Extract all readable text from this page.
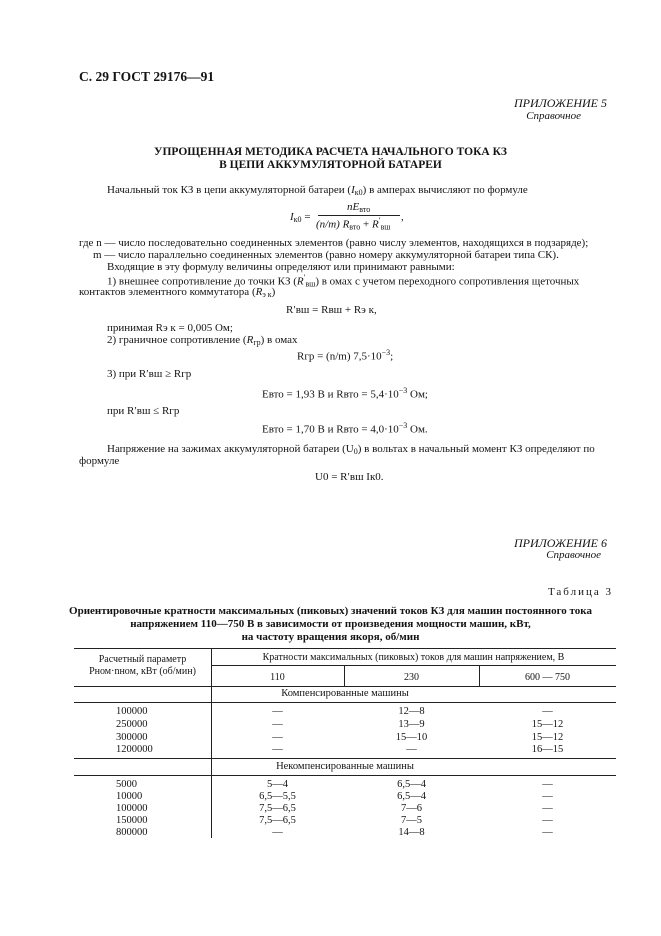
С. 29 ГОСТ 29176—91
ПРИЛОЖЕНИЕ 5
Справочное
УПРОЩЕННАЯ МЕТОДИКА РАСЧЕТА НАЧАЛЬНОГО ТОКА КЗ
В ЦЕПИ АККУМУЛЯТОРНОЙ БАТАРЕИ
Начальный ток КЗ в цепи аккумуляторной батареи $(I_{к0})$ в амперах вычисляют по формуле
$I_{к0}$ =
$nE_{вто}$
(n/m) $R_{вто} + R'_{вш}$
,
где n — число последовательно соединенных элементов (равно числу элементов, находящихся в подзаряде);
m — число параллельно соединенных элементов (равно номеру аккумуляторной батареи типа СК).
Входящие в эту формулу величины определяют или принимают равными:
1) внешнее сопротивление до точки КЗ $(R'_{вш})$ в омах с учетом переходного сопротивления щеточных
контактов элементного коммутатора $(R_{э к})$
R′вш = Rвш + Rэ к,
принимая Rэ к = 0,005 Ом;
2) граничное сопротивление $(R_{гр})$ в омах
Rгр = (n/m) $7,5\cdot 10^{-3}$;
3) при R′вш ≥ Rгр
Eвто = 1,93 В и Rвто = $5,4\cdot 10^{-3}$ Ом;
при R′вш ≤ Rгр
Eвто = 1,70 В и Rвто = $4,0\cdot 10^{-3}$ Ом.
Напряжение на зажимах аккумуляторной батареи $(U_0)$ в вольтах в начальный момент КЗ определяют по
формуле
U0 = R′вш Iк0.
ПРИЛОЖЕНИЕ 6
Справочное
Таблица 3
Ориентировочные кратности максимальных (пиковых) значений токов КЗ для машин постоянного тока
напряжением 110—750 В в зависимости от произведения мощности машин, кВт,
на частоту вращения якоря, об/мин
Расчетный параметр
Pном·nном, кВт (об/мин)
Кратности максимальных (пиковых) токов для машин напряжением, В
110	230	600 — 750
Компенсированные машины
100000	—	12—8	—
250000	—	13—9	15—12
300000	—	15—10	15—12
1200000	—	—	16—15
Некомпенсированные машины
5000	5—4	6,5—4	—
10000	6,5—5,5	6,5—4	—
100000	7,5—6,5	7—6	—
150000	7,5—6,5	7—5	—
800000	—	14—8	—
